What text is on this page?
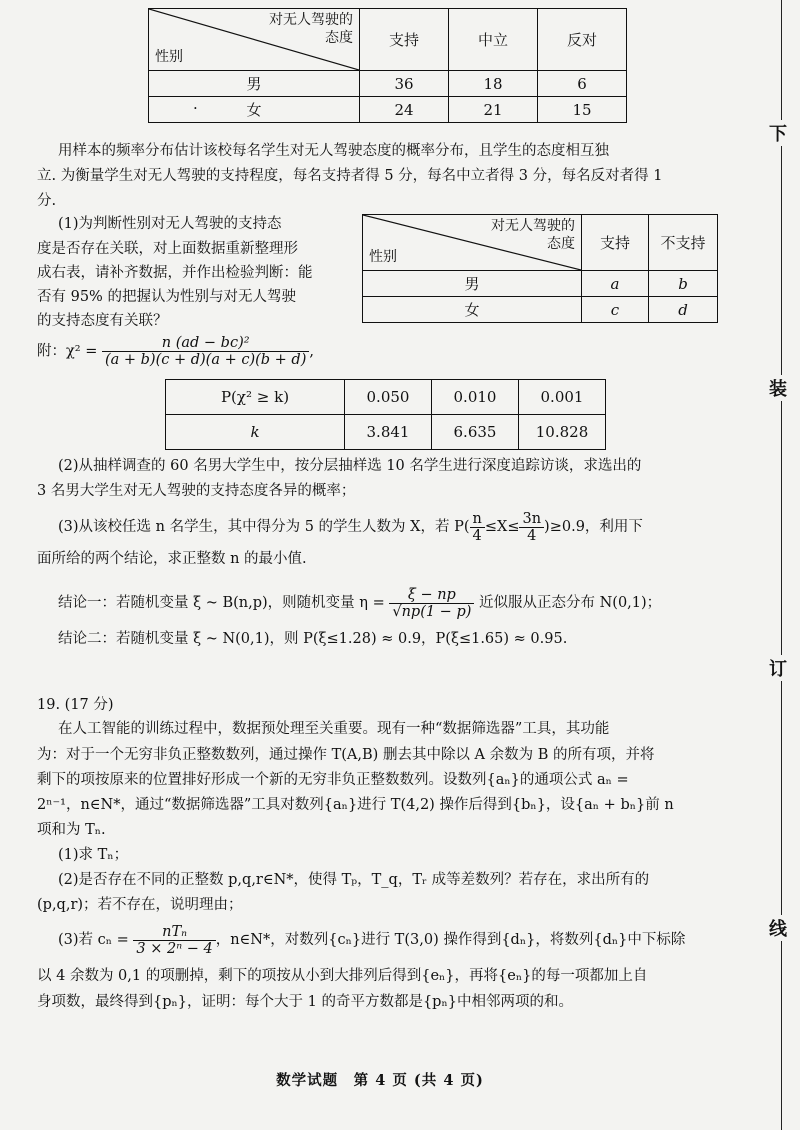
对无人驾驶的
态度
性别	支持	中立	反对
男	36	18	6

· 女	24	21	15
用样本的频率分布估计该校每名学生对无人驾驶态度的概率分布，且学生的态度相互独
立. 为衡量学生对无人驾驶的支持程度，每名支持者得 5 分，每名中立者得 3 分，每名反对者得 1
分.
(1)为判断性别对无人驾驶的支持态
度是否存在关联，对上面数据重新整理形
成右表，请补齐数据，并作出检验判断：能
否有 95% 的把握认为性别与对无人驾驶
的支持态度有关联？
对无人驾驶的
态度
性别	支持	不支持
男	a	b
女	c	d
附：$\chi^2 = \frac{\text{n (ad − bc)²}}{(a + b)(c + d)(a + c)(b + d)}$ ,
P(χ² ≥ k)	0.050	0.010	0.001
k	3.841	6.635	10.828
(2)从抽样调查的 60 名男大学生中，按分层抽样选 10 名学生进行深度追踪访谈，求选出的
3 名男大学生对无人驾驶的支持态度各异的概率；
(3)从该校任选 n 名学生，其中得分为 5 的学生人数为 X，若 $P( \frac{n}{4} \le X\le \frac{3n}{4} )\ge 0.9$，利用下
面所给的两个结论，求正整数 n 的最小值.
结论一：若随机变量 ξ ~ B(n,p)，则随机变量 $\eta = \frac{\xi - np}{√np(1 - p)}$ 近似服从正态分布 N(0,1)；
结论二：若随机变量 ξ ~ N(0,1)，则 P(ξ≤1.28) ≈ 0.9，P(ξ≤1.65) ≈ 0.95.
19. (17 分)
在人工智能的训练过程中，数据预处理至关重要。现有一种“数据筛选器”工具，其功能
为：对于一个无穷非负正整数数列，通过操作 T(A,B) 删去其中除以 A 余数为 B 的所有项，并将
剩下的项按原来的位置排好形成一个新的无穷非负正整数数列。设数列{aₙ}的通项公式 aₙ =
2ⁿ⁻¹，n∈N*，通过“数据筛选器”工具对数列{aₙ}进行 T(4,2) 操作后得到{bₙ}，设{aₙ + bₙ}前 n
项和为 Tₙ.
(1)求 Tₙ；
(2)是否存在不同的正整数 p,q,r∈N*，使得 Tₚ，T_q，Tᵣ 成等差数列？若存在，求出所有的
(p,q,r)；若不存在，说明理由；
(3)若 $c_n = \frac{\text{nTₙ}}{\text{3 × 2ⁿ − 4}}$ ，n∈N*，对数列{cₙ}进行 T(3,0) 操作得到{dₙ}，将数列{dₙ}中下标除
以 4 余数为 0,1 的项删掉，剩下的项按从小到大排列后得到{eₙ}，再将{eₙ}的每一项都加上自
身项数，最终得到{pₙ}，证明：每个大于 1 的奇平方数都是{pₙ}中相邻两项的和。
下
装
订
线
数学试题　第 4 页 (共 4 页)
